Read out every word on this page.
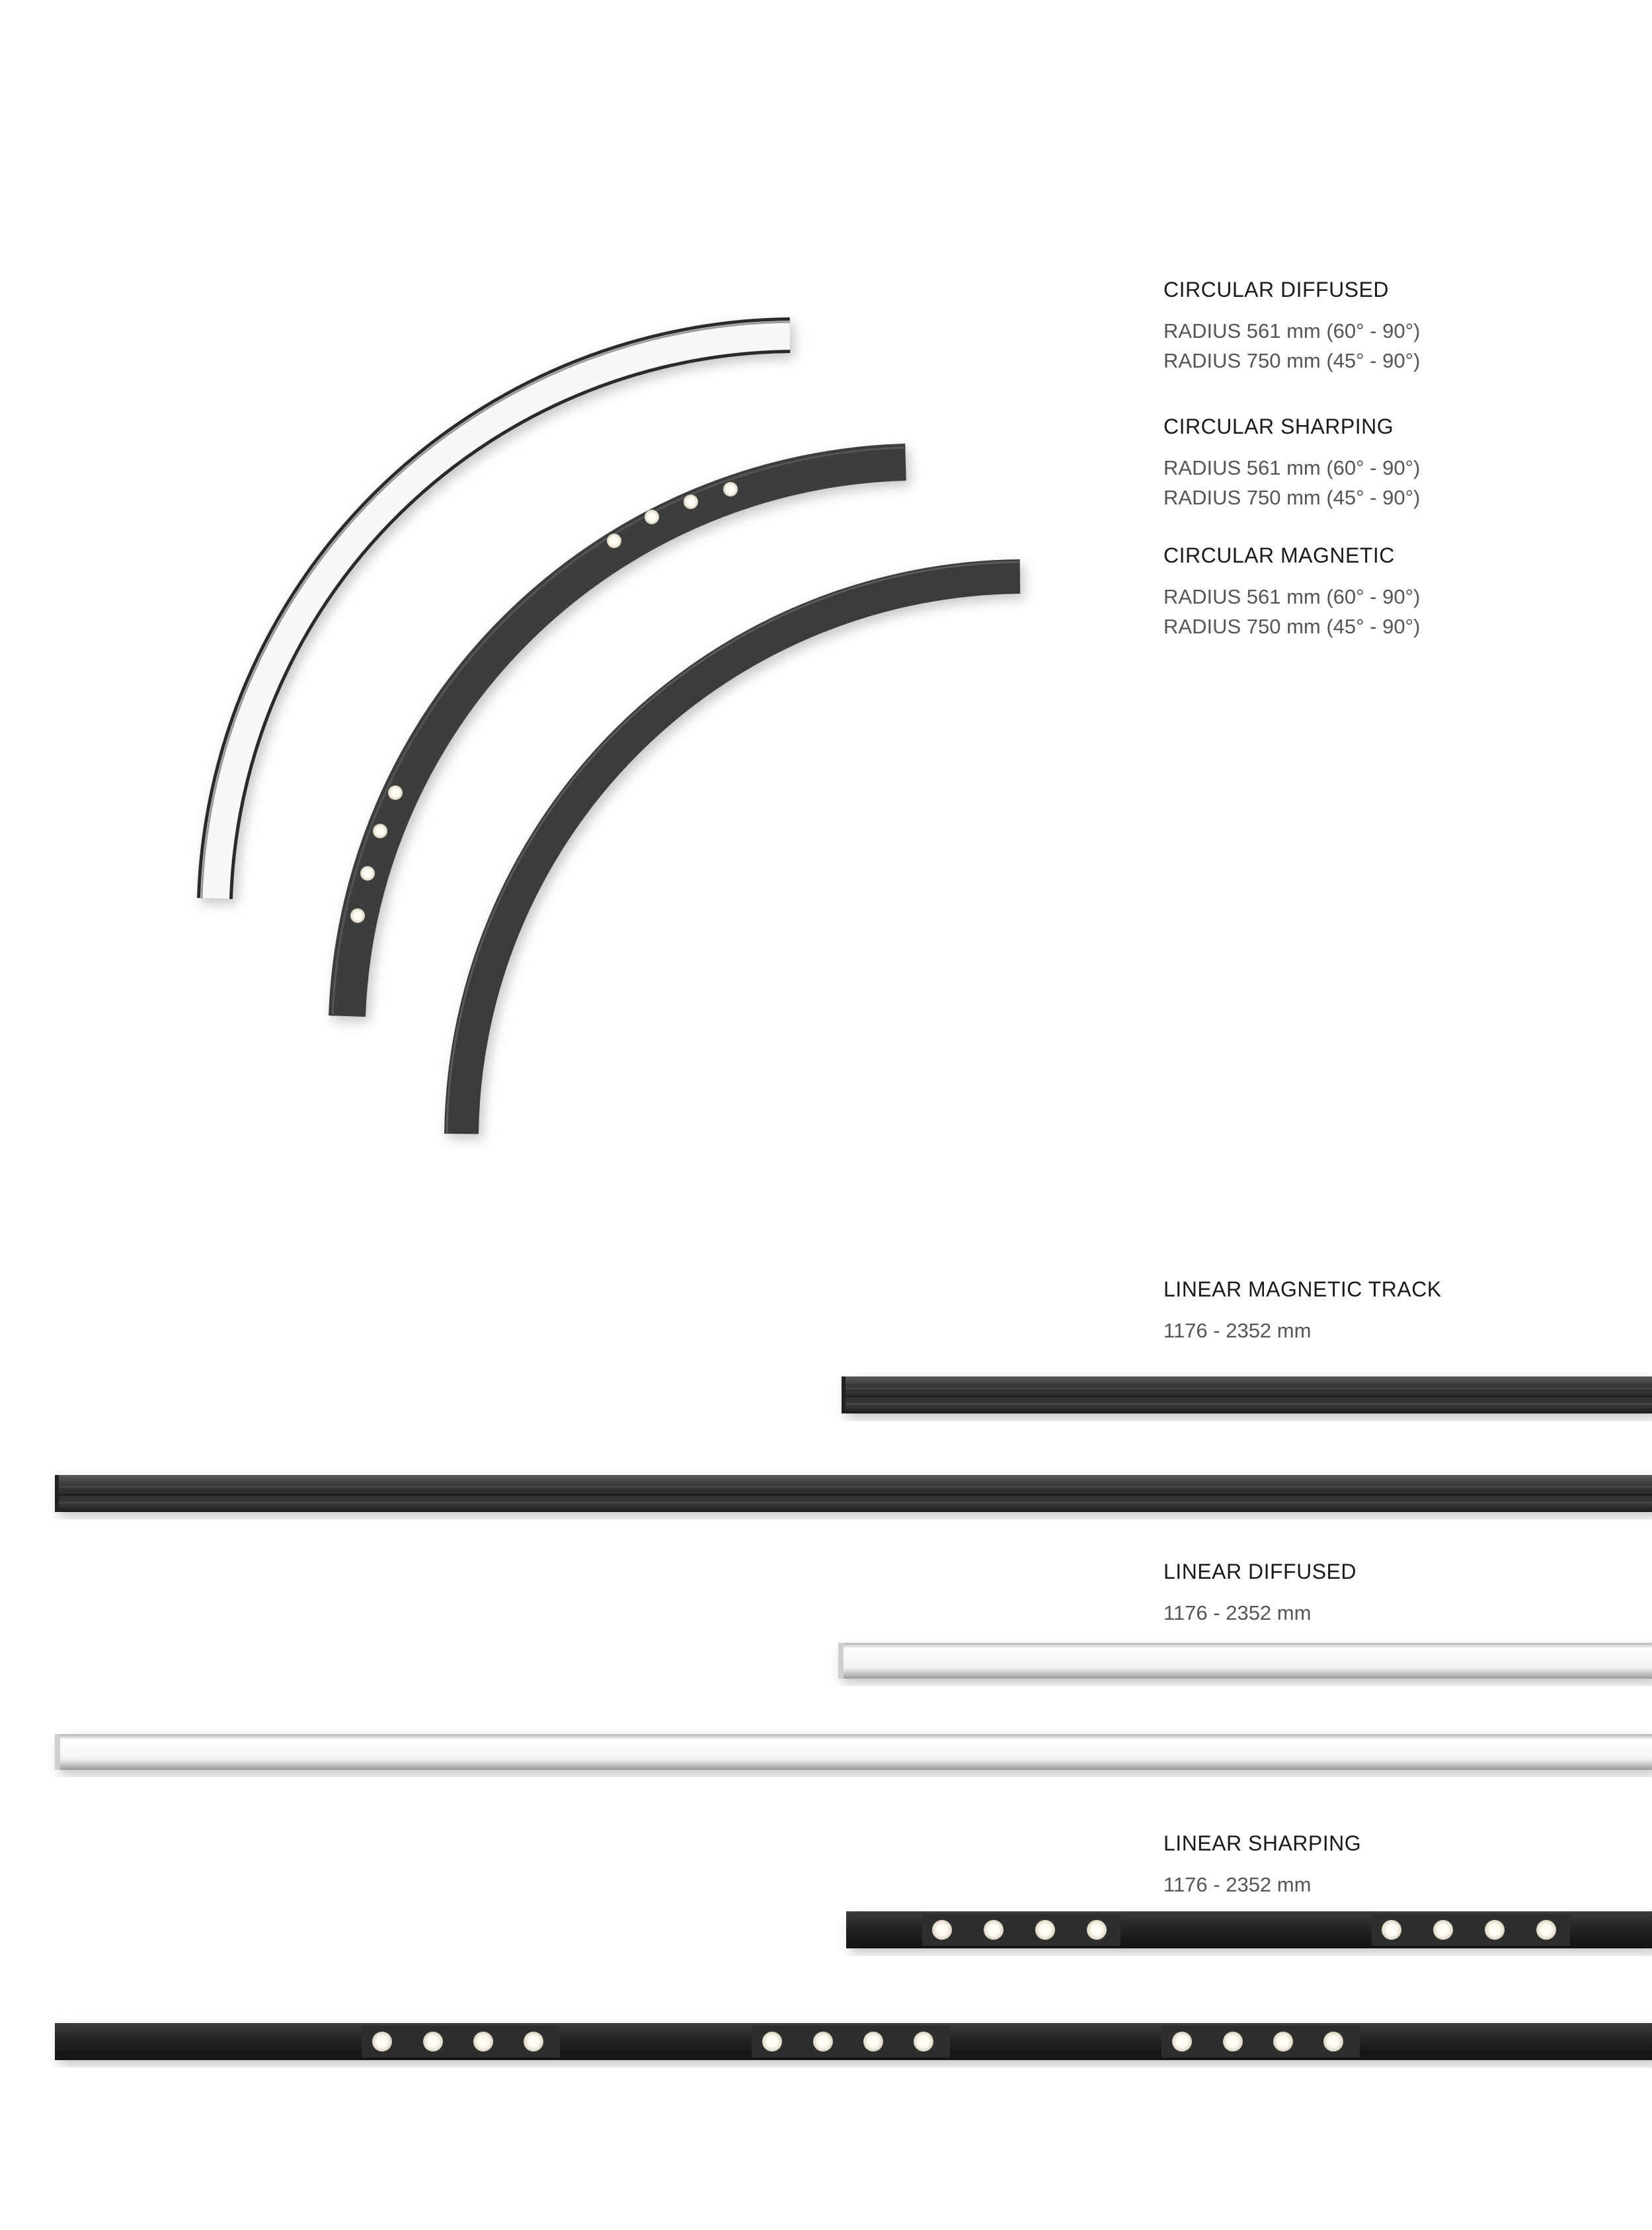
CIRCULAR DIFFUSED

RADIUS 561 mm (60° - 90°)

RADIUS 750 mm (45° - 90°)

CIRCULAR SHARPING

RADIUS 561 mm (60° - 90°)

RADIUS 750 mm (45° - 90°)

CIRCULAR MAGNETIC

RADIUS 561 mm (60° - 90°)

RADIUS 750 mm (45° - 90°)

LINEAR MAGNETIC TRACK

1176 - 2352 mm

LINEAR DIFFUSED

1176 - 2352 mm

LINEAR SHARPING

1176 - 2352 mm
